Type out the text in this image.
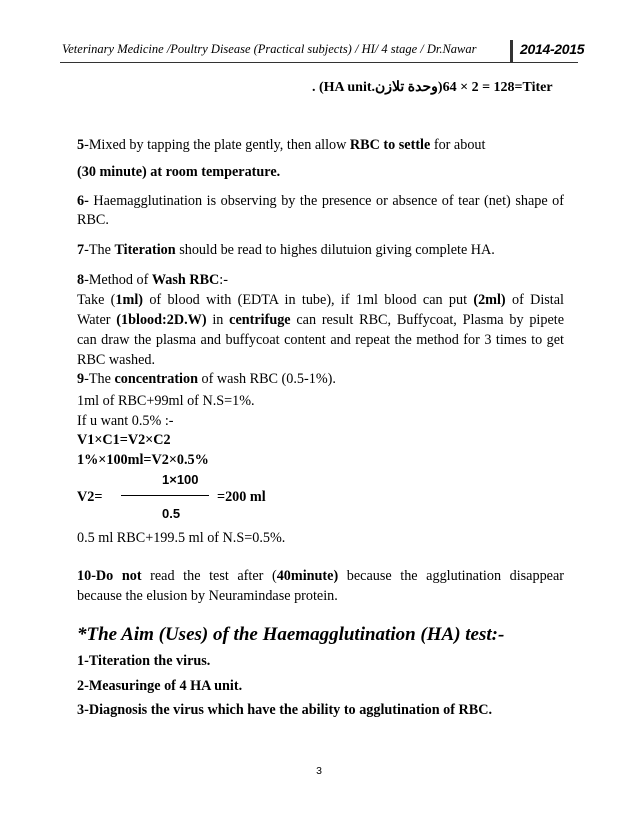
Veterinary Medicine /Poultry Disease (Practical subjects) / HI/ 4 stage / Dr.Nawar	2014-2015
. (HA unit.وحدة تلازن)128 = 2 × 64=Titer
5-Mixed by tapping the plate gently, then allow RBC to settle for about
(30 minute) at room temperature.
6- Haemagglutination is observing by the presence or absence of tear (net) shape of
RBC.
7-The Titeration should be read to highes dilutuion giving complete HA.
8-Method of Wash RBC:-
Take (1ml) of blood with (EDTA in tube), if 1ml blood can put (2ml) of Distal
Water (1blood:2D.W) in centrifuge can result RBC, Buffycoat, Plasma by pipete
can draw the plasma and buffycoat content and repeat the method for 3 times to get
RBC washed.
9-The concentration of wash RBC (0.5-1%).
1ml of RBC+99ml of N.S=1%.
If u want 0.5% :-
V1×C1=V2×C2
1%×100ml=V2×0.5%
1×100
V2=	=200 ml
0.5
0.5 ml RBC+199.5 ml of N.S=0.5%.
10-Do not read the test after (40minute) because the agglutination disappear
because the elusion by Neuramindase protein.
*The Aim (Uses) of the Haemagglutination (HA) test:-
1-Titeration the virus.
2-Measuringe of 4 HA unit.
3-Diagnosis the virus which have the ability to agglutination of RBC.
3
